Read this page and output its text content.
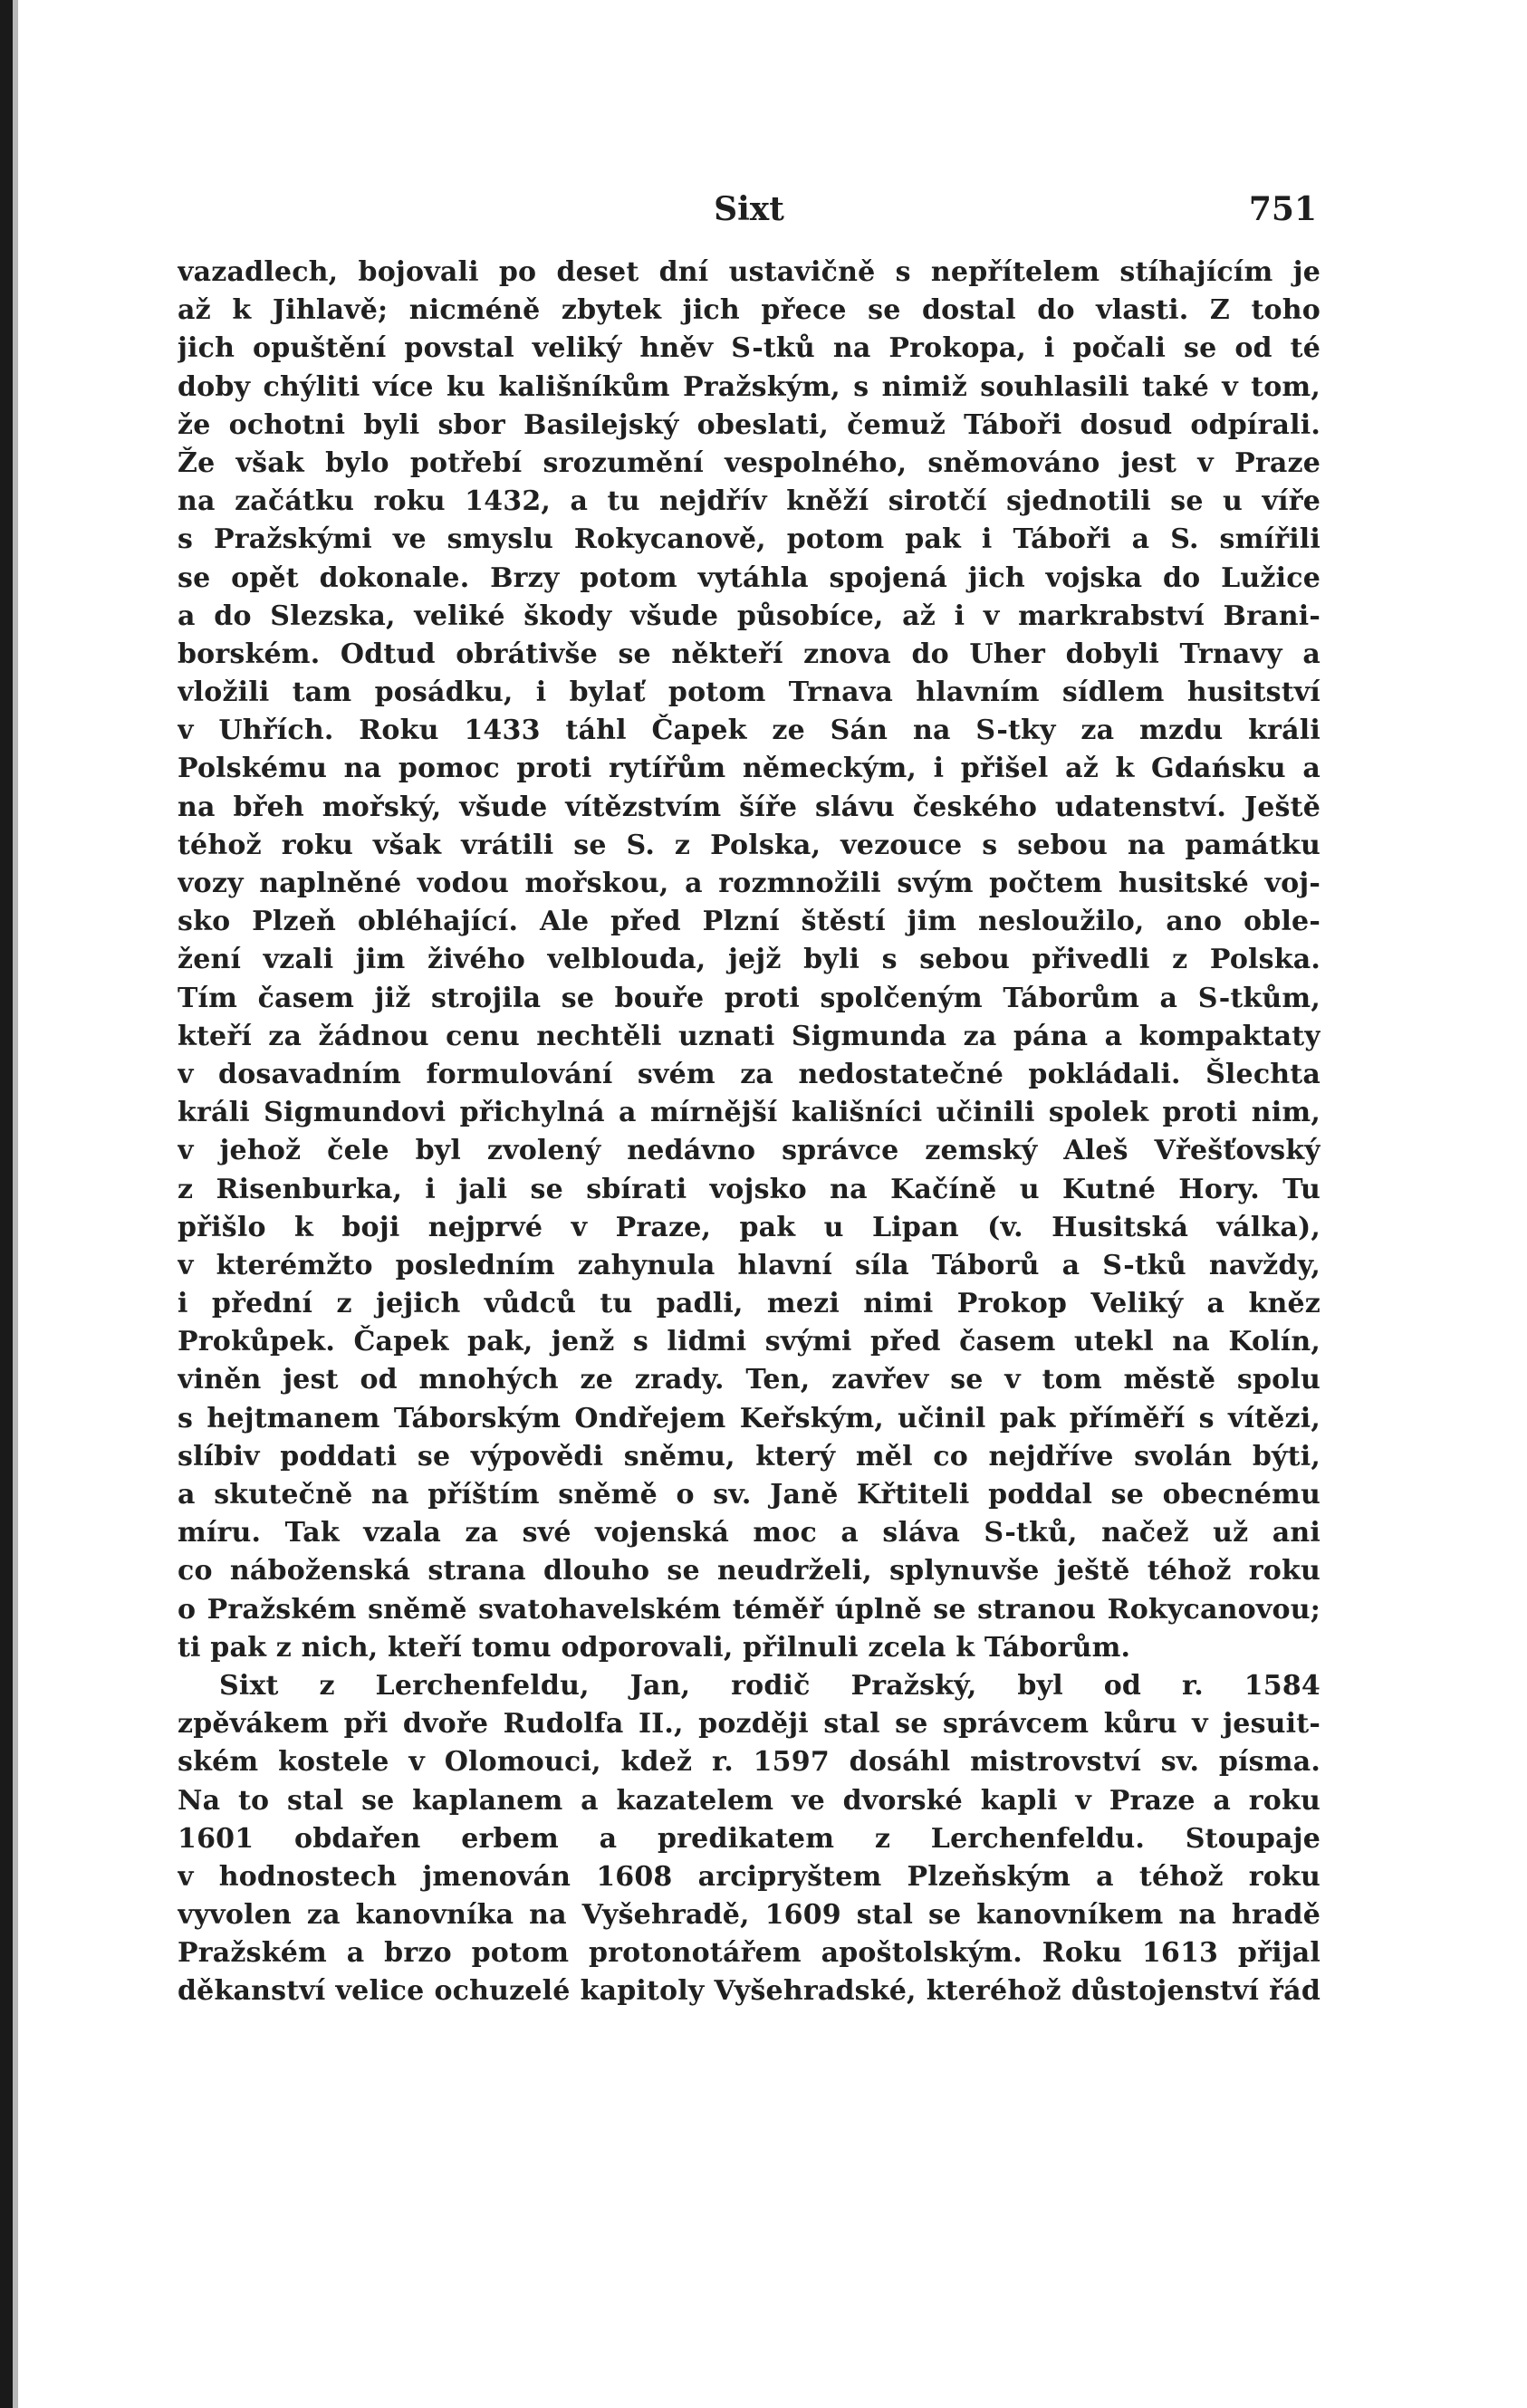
Sixt	751
vazadlech, bojovali po deset dní ustavičně s nepřítelem stíhajícím je
až k Jihlavě; nicméně zbytek jich přece se dostal do vlasti. Z toho
jich opuštění povstal veliký hněv S-tků na Prokopa, i počali se od té
doby chýliti více ku kališníkům Pražským, s nimiž souhlasili také v tom,
že ochotni byli sbor Basilejský obeslati, čemuž Táboři dosud odpírali.
Že však bylo potřebí srozumění vespolného, sněmováno jest v Praze
na začátku roku 1432, a tu nejdřív kněží sirotčí sjednotili se u víře
s Pražskými ve smyslu Rokycanově, potom pak i Táboři a S. smířili
se opět dokonale. Brzy potom vytáhla spojená jich vojska do Lužice
a do Slezska, veliké škody všude působíce, až i v markrabství Brani-
borském. Odtud obrátivše se někteří znova do Uher dobyli Trnavy a
vložili tam posádku, i bylať potom Trnava hlavním sídlem husitství
v Uhřích. Roku 1433 táhl Čapek ze Sán na S-tky za mzdu králi
Polskému na pomoc proti rytířům německým, i přišel až k Gdańsku a
na břeh mořský, všude vítězstvím šíře slávu českého udatenství. Ještě
téhož roku však vrátili se S. z Polska, vezouce s sebou na památku
vozy naplněné vodou mořskou, a rozmnožili svým počtem husitské voj-
sko Plzeň obléhající. Ale před Plzní štěstí jim nesloužilo, ano oble-
žení vzali jim živého velblouda, jejž byli s sebou přivedli z Polska.
Tím časem již strojila se bouře proti spolčeným Táborům a S-tkům,
kteří za žádnou cenu nechtěli uznati Sigmunda za pána a kompaktaty
v dosavadním formulování svém za nedostatečné pokládali. Šlechta
králi Sigmundovi přichylná a mírnější kališníci učinili spolek proti nim,
v jehož čele byl zvolený nedávno správce zemský Aleš Vřešťovský
z Risenburka, i jali se sbírati vojsko na Kačíně u Kutné Hory. Tu
přišlo k boji nejprvé v Praze, pak u Lipan (v. Husitská válka),
v kterémžto posledním zahynula hlavní síla Táborů a S-tků navždy,
i přední z jejich vůdců tu padli, mezi nimi Prokop Veliký a kněz
Prokůpek. Čapek pak, jenž s lidmi svými před časem utekl na Kolín,
viněn jest od mnohých ze zrady. Ten, zavřev se v tom městě spolu
s hejtmanem Táborským Ondřejem Keřským, učinil pak příměří s vítězi,
slíbiv poddati se výpovědi sněmu, který měl co nejdříve svolán býti,
a skutečně na příštím sněmě o sv. Janě Křtiteli poddal se obecnému
míru. Tak vzala za své vojenská moc a sláva S-tků, načež už ani
co náboženská strana dlouho se neudrželi, splynuvše ještě téhož roku
o Pražském sněmě svatohavelském téměř úplně se stranou Rokycanovou;
ti pak z nich, kteří tomu odporovali, přilnuli zcela k Táborům.
Sixt z Lerchenfeldu, Jan, rodič Pražský, byl od r. 1584
zpěvákem při dvoře Rudolfa II., později stal se správcem kůru v jesuit-
ském kostele v Olomouci, kdež r. 1597 dosáhl mistrovství sv. písma.
Na to stal se kaplanem a kazatelem ve dvorské kapli v Praze a roku
1601 obdařen erbem a predikatem z Lerchenfeldu. Stoupaje
v hodnostech jmenován 1608 arcipryštem Plzeňským a téhož roku
vyvolen za kanovníka na Vyšehradě, 1609 stal se kanovníkem na hradě
Pražském a brzo potom protonotářem apoštolským. Roku 1613 přijal
děkanství velice ochuzelé kapitoly Vyšehradské, kteréhož důstojenství řád
